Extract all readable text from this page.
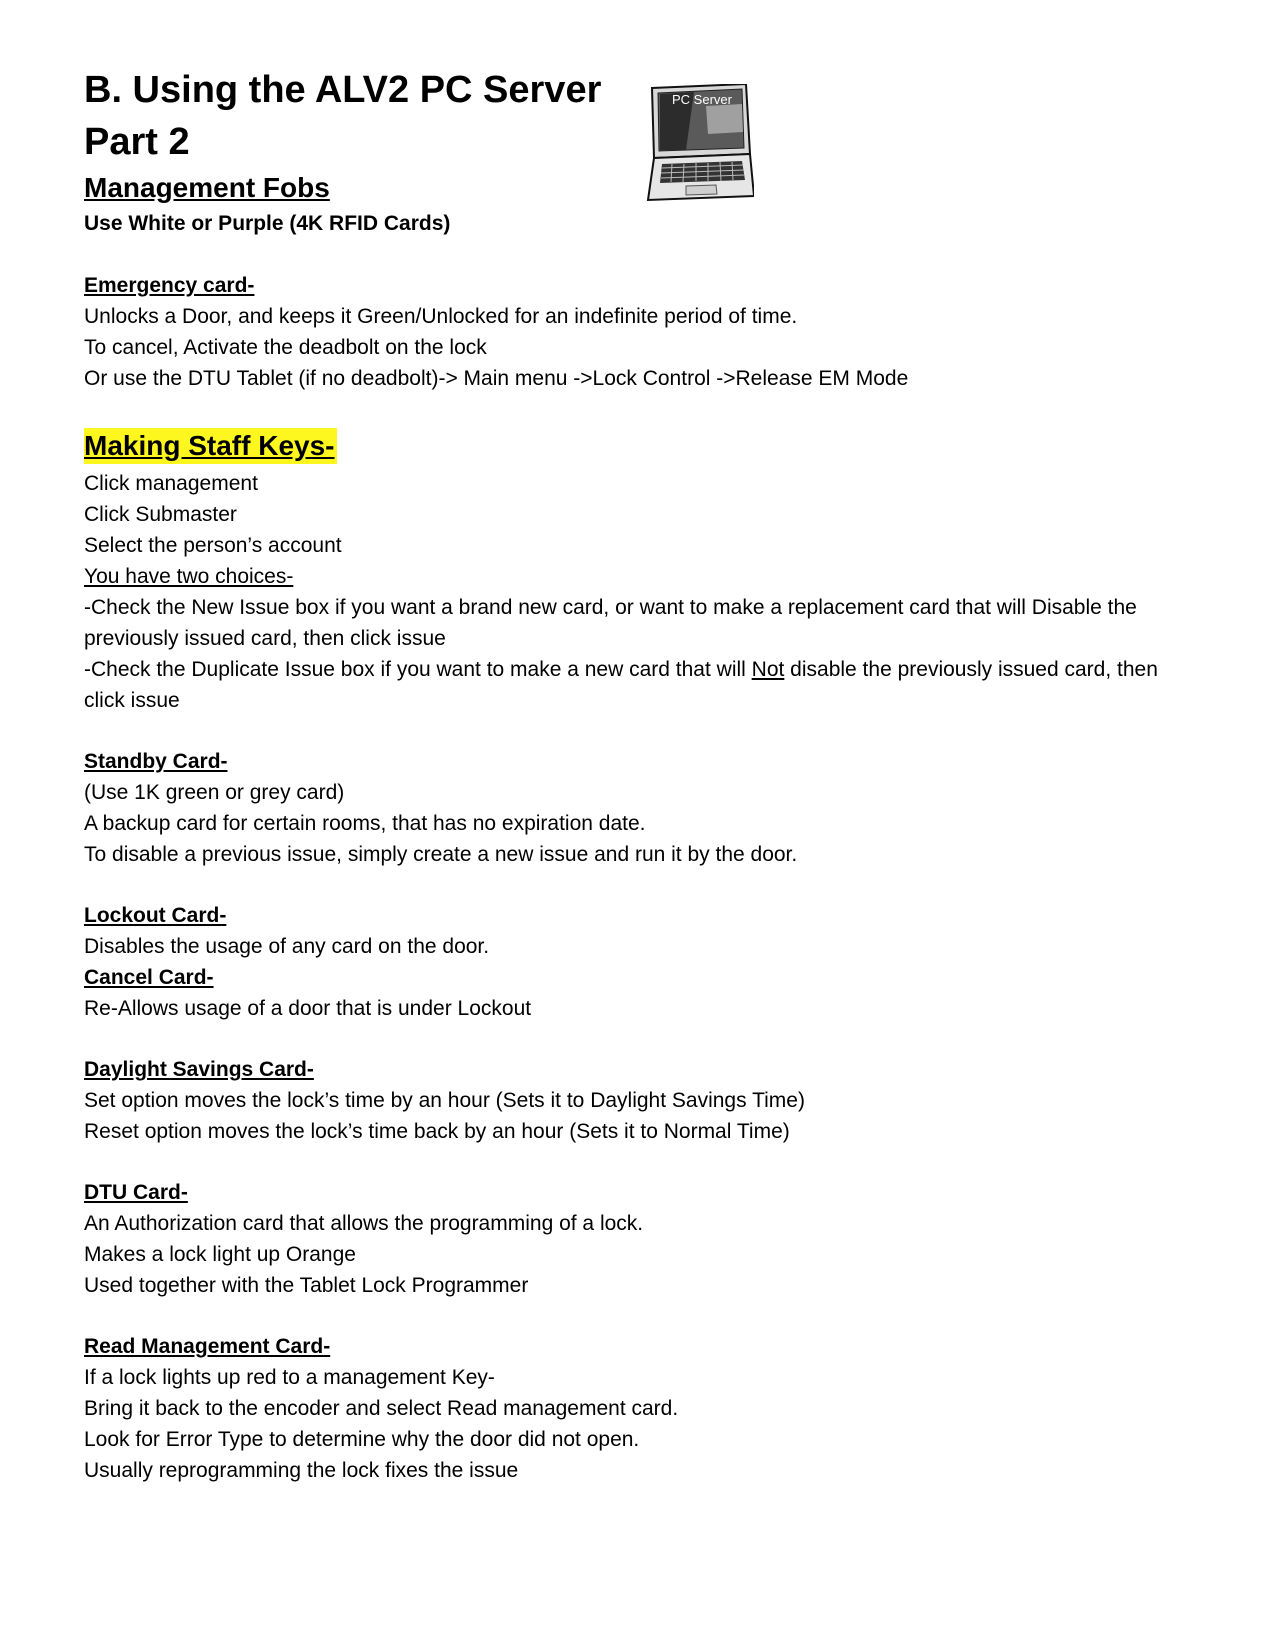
PC Server
B. Using the ALV2 PC Server
Part 2

Management Fobs

Use White or Purple (4K RFID Cards)

Emergency card-

Unlocks a Door, and keeps it Green/Unlocked for an indefinite period of time.

To cancel, Activate the deadbolt on the lock

Or use the DTU Tablet (if no deadbolt)-> Main menu ->Lock Control ->Release EM Mode

Making Staff Keys-

Click management

Click Submaster

Select the person’s account

You have two choices-

-Check the New Issue box if you want a brand new card, or want to make a replacement card that will Disable the previously issued card, then click issue

-Check the Duplicate Issue box if you want to make a new card that will Not disable the previously issued card, then click issue

Standby Card-

(Use 1K green or grey card)

A backup card for certain rooms, that has no expiration date.

To disable a previous issue, simply create a new issue and run it by the door.

Lockout Card-

Disables the usage of any card on the door.

Cancel Card-

Re-Allows usage of a door that is under Lockout

Daylight Savings Card-

Set option moves the lock’s time by an hour (Sets it to Daylight Savings Time)

Reset option moves the lock’s time back by an hour (Sets it to Normal Time)

DTU Card-

An Authorization card that allows the programming of a lock.

Makes a lock light up Orange

Used together with the Tablet Lock Programmer

Read Management Card-

If a lock lights up red to a management Key-

Bring it back to the encoder and select Read management card.

Look for Error Type to determine why the door did not open.

Usually reprogramming the lock fixes the issue
